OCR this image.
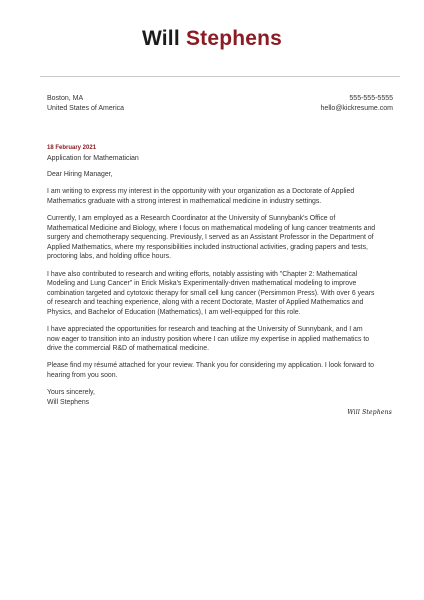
Will Stephens
Boston, MA
United States of America
555-555-5555
hello@kickresume.com
18 February 2021
Application for Mathematician

Dear Hiring Manager,

I am writing to express my interest in the opportunity with your organization as a Doctorate of Applied Mathematics graduate with a strong interest in mathematical medicine in industry settings.

Currently, I am employed as a Research Coordinator at the University of Sunnybank's Office of Mathematical Medicine and Biology, where I focus on mathematical modeling of lung cancer treatments and surgery and chemotherapy sequencing. Previously, I served as an Assistant Professor in the Department of Applied Mathematics, where my responsibilities included instructional activities, grading papers and tests, proctoring labs, and holding office hours.

I have also contributed to research and writing efforts, notably assisting with "Chapter 2: Mathematical Modeling and Lung Cancer" in Erick Miska's Experimentally-driven mathematical modeling to improve combination targeted and cytotoxic therapy for small cell lung cancer (Persimmon Press). With over 6 years of research and teaching experience, along with a recent Doctorate, Master of Applied Mathematics and Physics, and Bachelor of Education (Mathematics), I am well-equipped for this role.

I have appreciated the opportunities for research and teaching at the University of Sunnybank, and I am now eager to transition into an industry position where I can utilize my expertise in applied mathematics to drive the commercial R&D of mathematical medicine.

Please find my résumé attached for your review. Thank you for considering my application. I look forward to hearing from you soon.

Yours sincerely,

Will Stephens

Will Stephens
